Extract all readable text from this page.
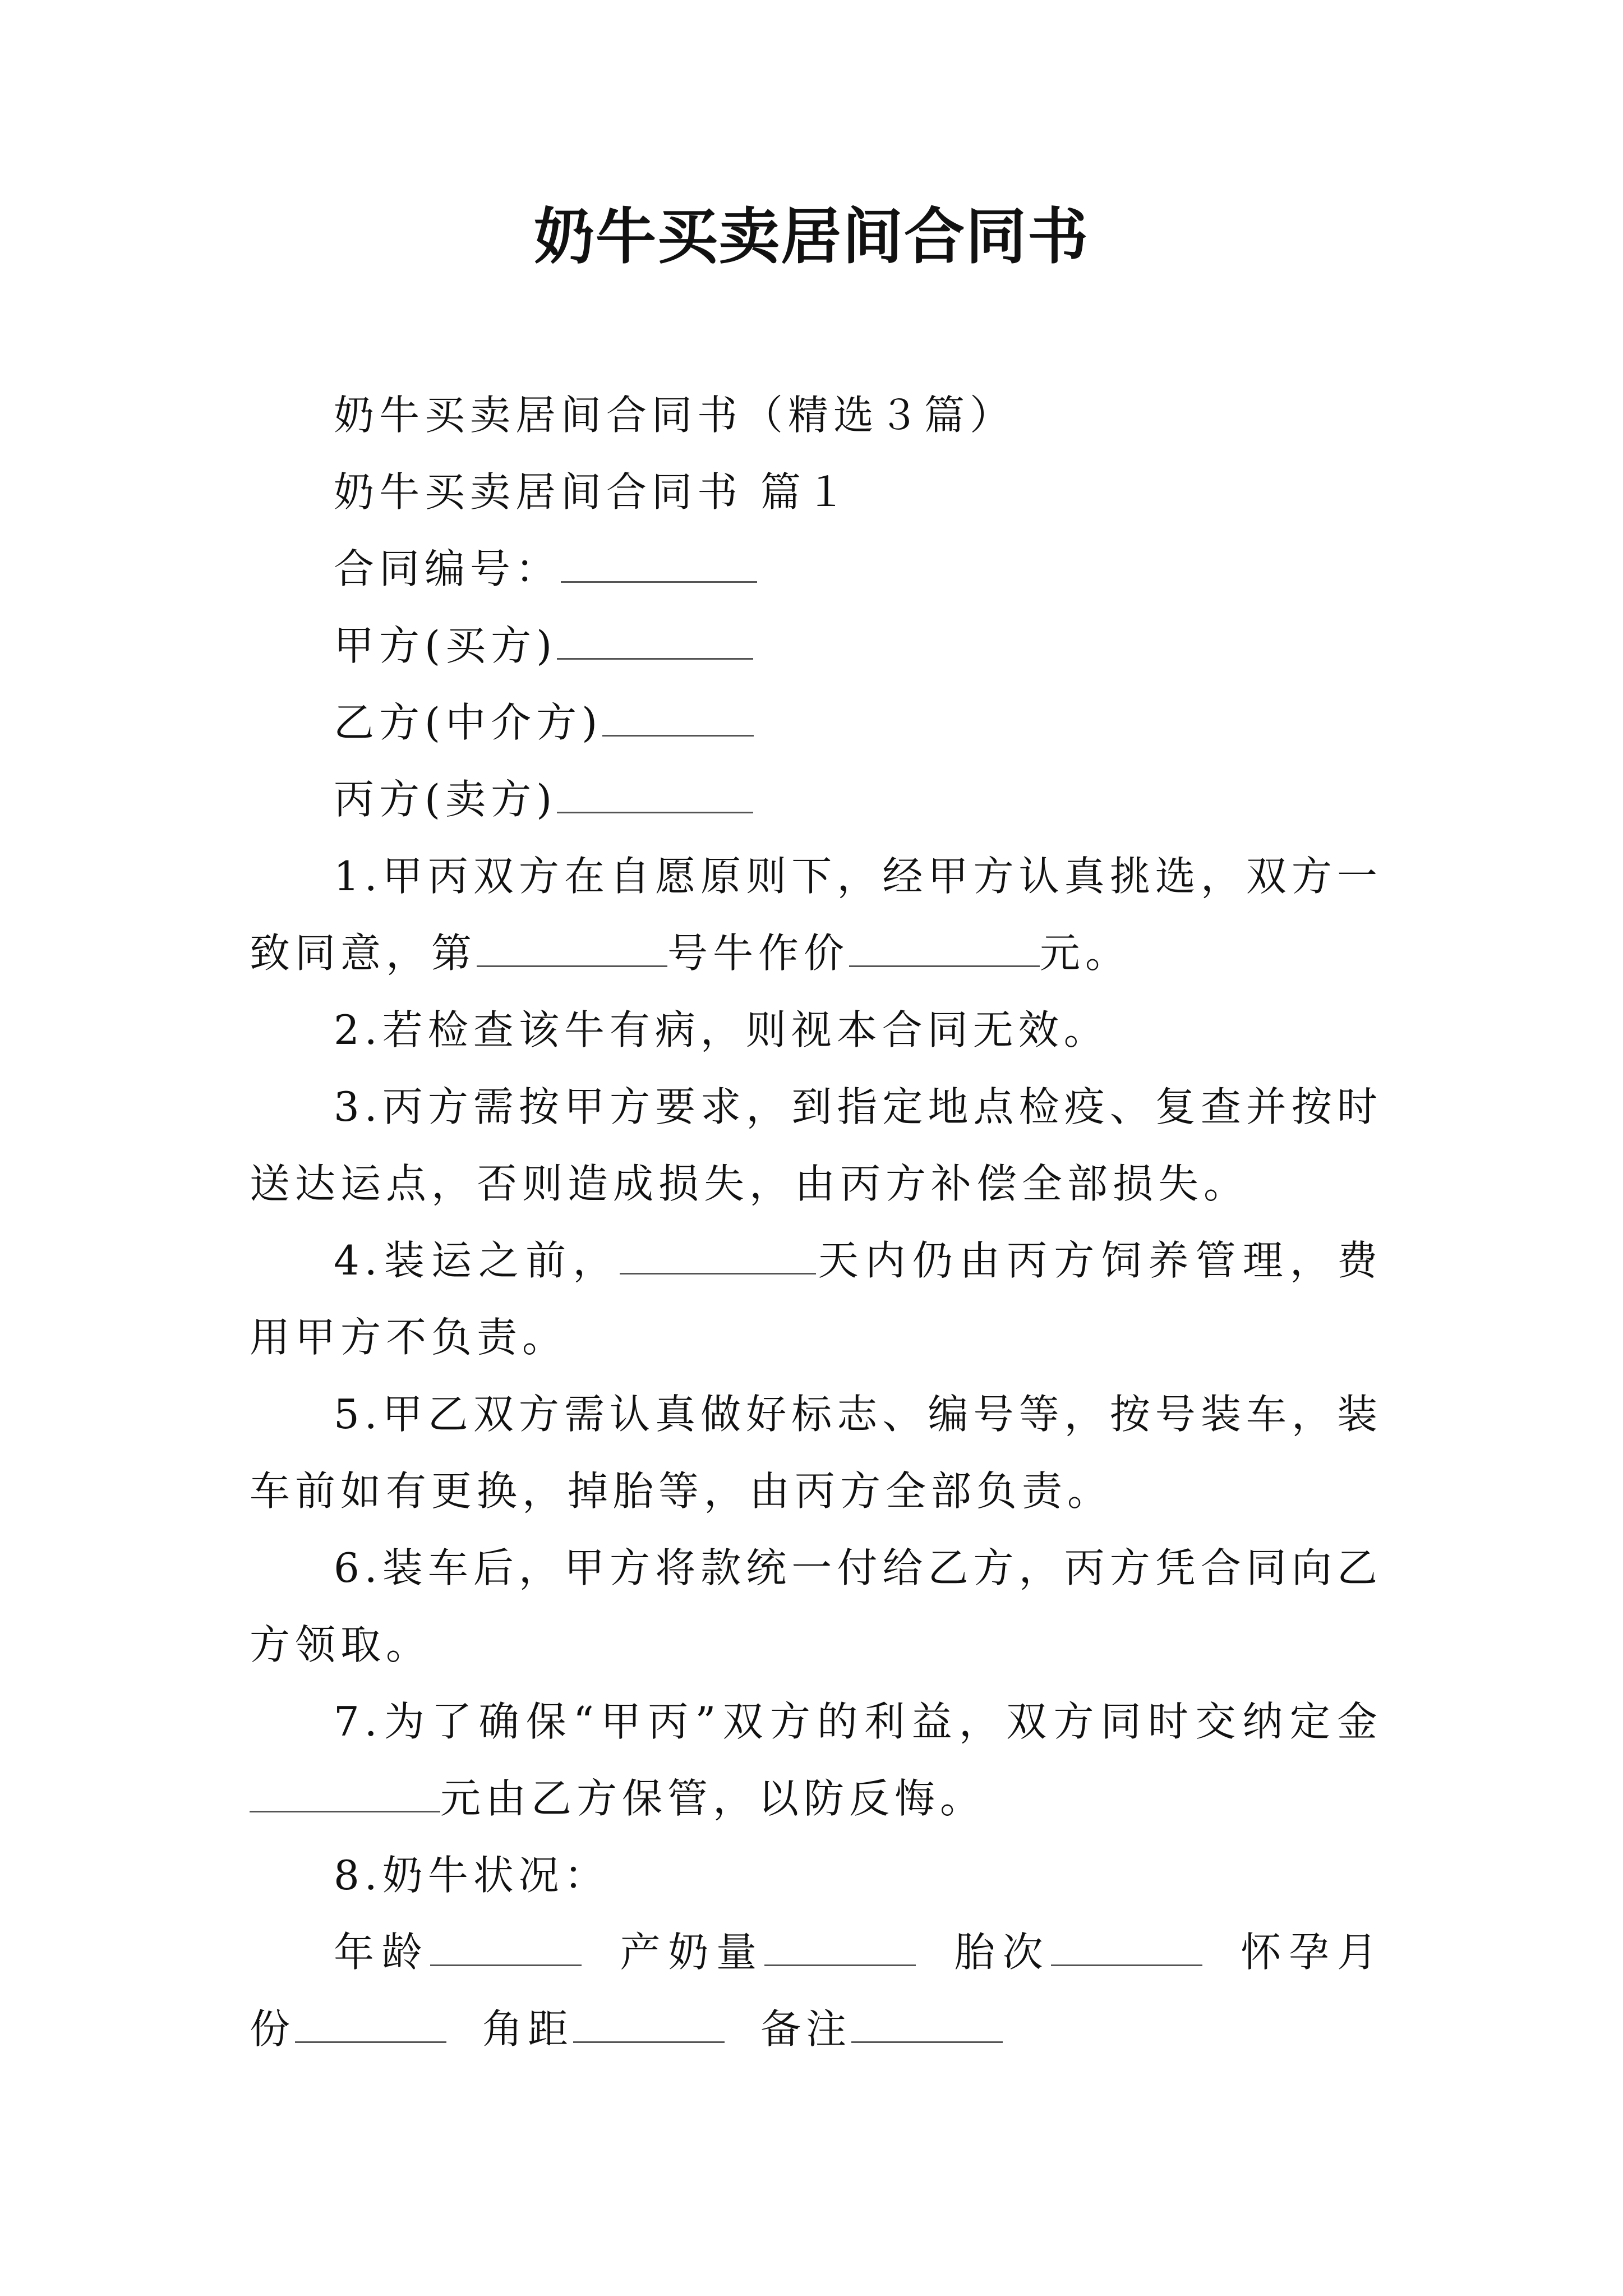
奶牛买卖居间合同书
奶牛买卖居间合同书（精选３篇）
奶牛买卖居间合同书 篇１
合同编号：
甲方(买方)
乙方(中介方)
丙方(卖方)
1.甲丙双方在自愿原则下，经甲方认真挑选，双方一致同意，第	号牛作价	元。
2.若检查该牛有病，则视本合同无效。
3.丙方需按甲方要求，到指定地点检疫、复查并按时送达运点，否则造成损失，由丙方补偿全部损失。
4.装运之前，	天内仍由丙方饲养管理，费用甲方不负责。
5.甲乙双方需认真做好标志、编号等，按号装车，装车前如有更换，掉胎等，由丙方全部负责。
6.装车后，甲方将款统一付给乙方，丙方凭合同向乙方领取。
7.为了确保“甲丙”双方的利益，双方同时交纳定金元由乙方保管，以防反悔。
8.奶牛状况：
年龄	产奶量	胎次	怀孕月份	角距	备注
